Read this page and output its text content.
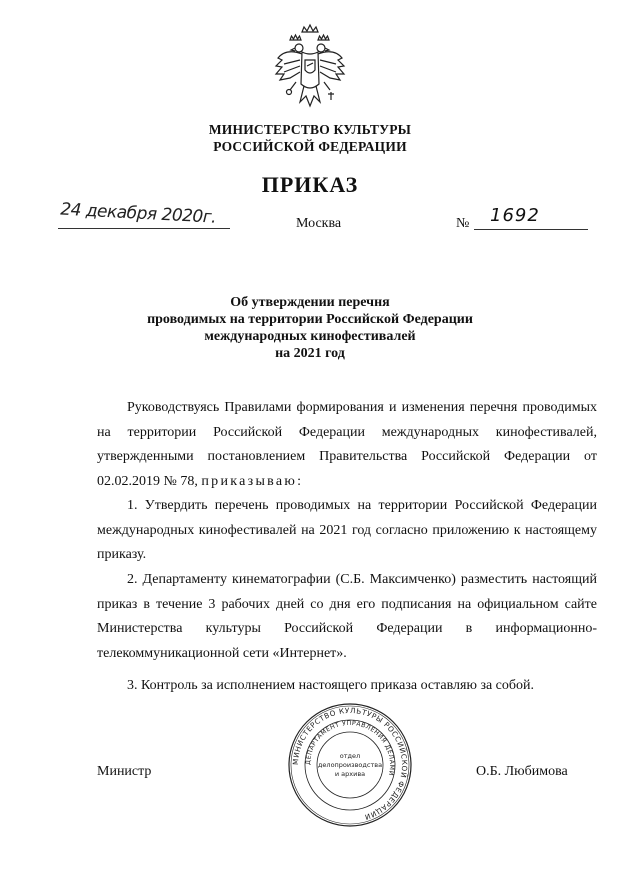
МИНИСТЕРСТВО КУЛЬТУРЫ
РОССИЙСКОЙ ФЕДЕРАЦИИ
ПРИКАЗ
24 декабря 2020г.	Москва	№ 1692
Об утверждении перечня
проводимых на территории Российской Федерации
международных кинофестивалей
на 2021 год
Руководствуясь Правилами формирования и изменения перечня проводимых на территории Российской Федерации международных кинофестивалей, утвержденными постановлением Правительства Российской Федерации от 02.02.2019 № 78, приказываю:
1. Утвердить перечень проводимых на территории Российской Федерации международных кинофестивалей на 2021 год согласно приложению к настоящему приказу.
2. Департаменту кинематографии (С.Б. Максимченко) разместить настоящий приказ в течение 3 рабочих дней со дня его подписания на официальном сайте Министерства культуры Российской Федерации в информационно-телекоммуникационной сети «Интернет».
3. Контроль за исполнением настоящего приказа оставляю за собой.
МИНИСТЕРСТВО КУЛЬТУРЫ РОССИЙСКОЙ ФЕДЕРАЦИИ
ДЕПАРТАМЕНТ УПРАВЛЕНИЯ ДЕЛАМИ
отдел
делопроизводства
и архива
Министр	О.Б. Любимова
